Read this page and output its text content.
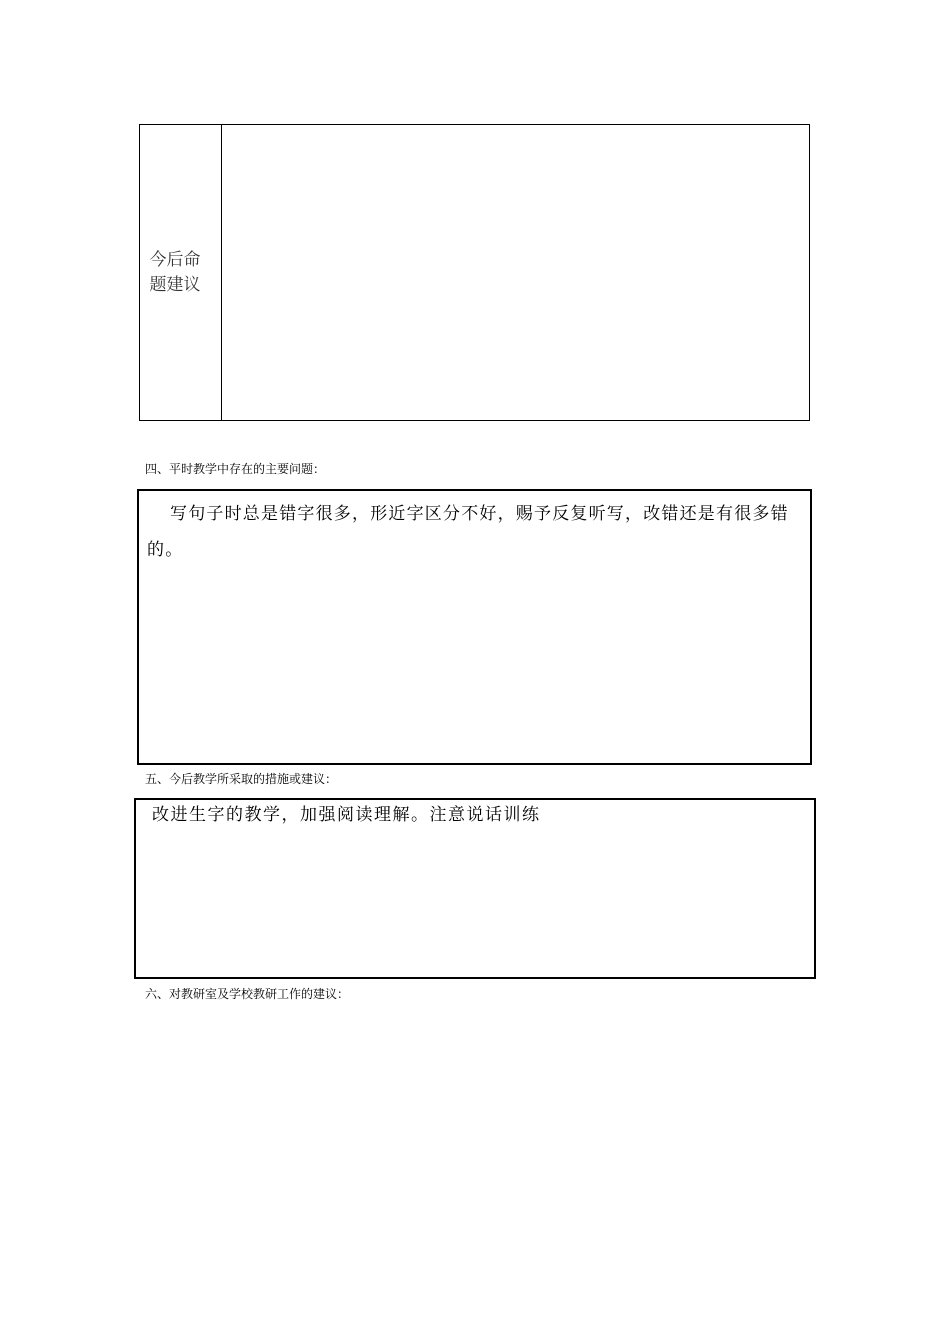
今后命题建议
四、平时教学中存在的主要问题：
写句子时总是错字很多，形近字区分不好，赐予反复听写，改错还是有很多错的。
五、今后教学所采取的措施或建议：
改进生字的教学，加强阅读理解。注意说话训练
六、对教研室及学校教研工作的建议：
